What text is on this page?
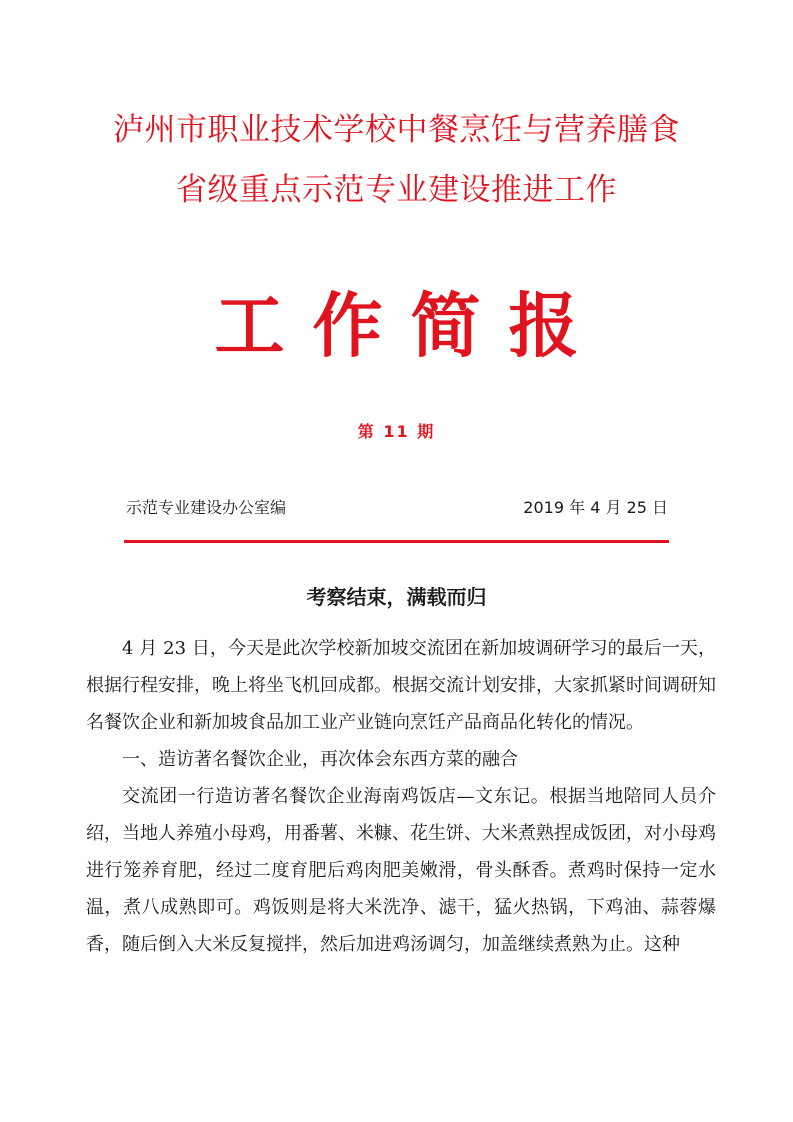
泸州市职业技术学校中餐烹饪与营养膳食
省级重点示范专业建设推进工作
工作简报
第 11 期
示范专业建设办公室编	2019 年 4 月 25 日
考察结束，满载而归

4 月 23 日，今天是此次学校新加坡交流团在新加坡调研学习的最后一天，根据行程安排，晚上将坐飞机回成都。根据交流计划安排，大家抓紧时间调研知名餐饮企业和新加坡食品加工业产业链向烹饪产品商品化转化的情况。

一、造访著名餐饮企业，再次体会东西方菜的融合

交流团一行造访著名餐饮企业海南鸡饭店—文东记。根据当地陪同人员介绍，当地人养殖小母鸡，用番薯、米糠、花生饼、大米煮熟捏成饭团，对小母鸡进行笼养育肥，经过二度育肥后鸡肉肥美嫩滑，骨头酥香。煮鸡时保持一定水温，煮八成熟即可。鸡饭则是将大米洗净、滤干，猛火热锅，下鸡油、蒜蓉爆香，随后倒入大米反复搅拌，然后加进鸡汤调匀，加盖继续煮熟为止。这种
